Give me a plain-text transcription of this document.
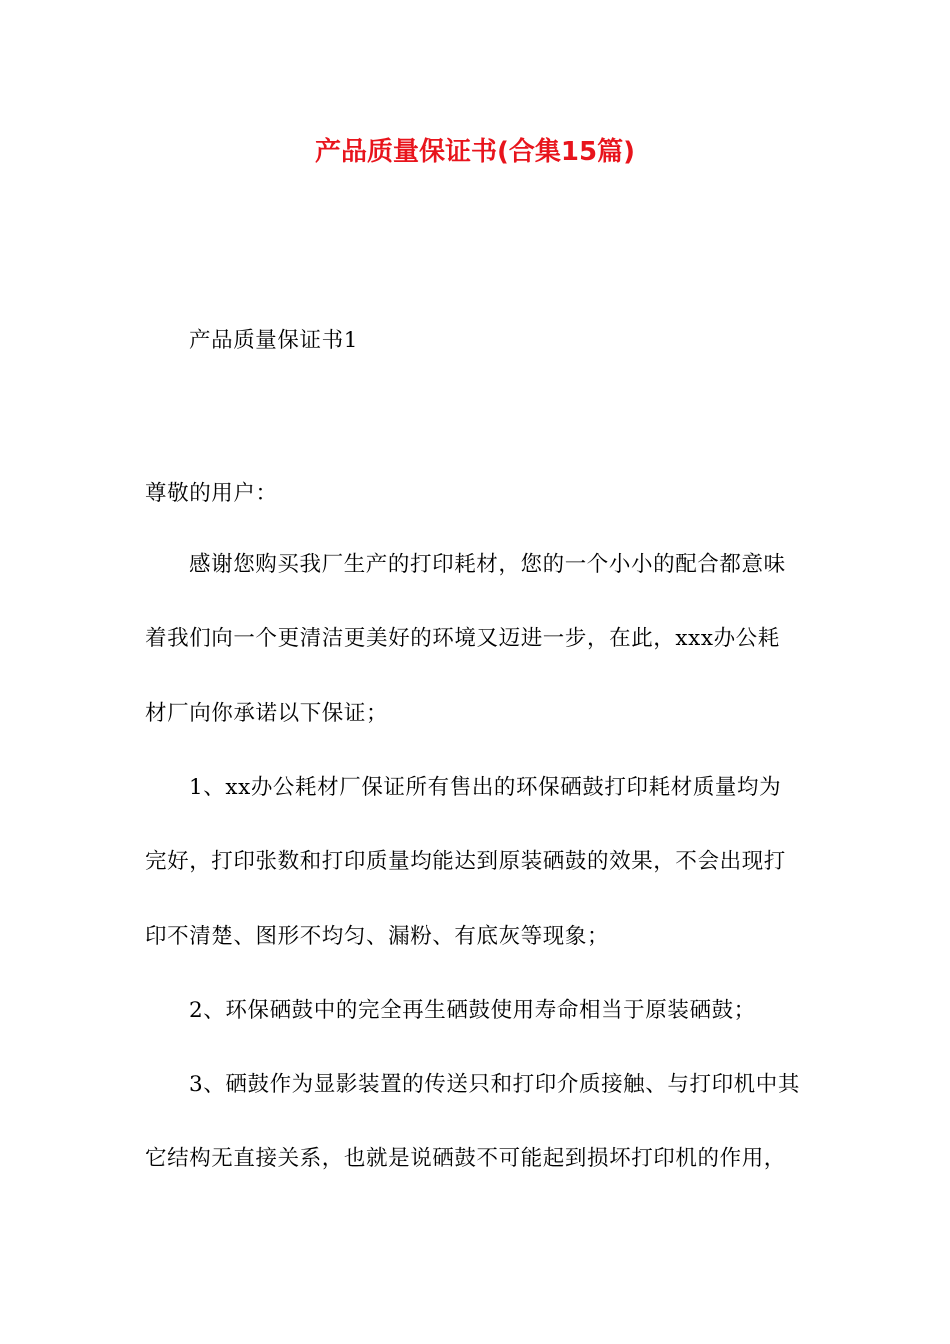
产品质量保证书(合集15篇)
产品质量保证书1
尊敬的用户：
感谢您购买我厂生产的打印耗材，您的一个小小的配合都意味
着我们向一个更清洁更美好的环境又迈进一步，在此，xxx办公耗
材厂向你承诺以下保证；
1、xx办公耗材厂保证所有售出的环保硒鼓打印耗材质量均为
完好，打印张数和打印质量均能达到原装硒鼓的效果，不会出现打
印不清楚、图形不均匀、漏粉、有底灰等现象；
2、环保硒鼓中的完全再生硒鼓使用寿命相当于原装硒鼓；
3、硒鼓作为显影装置的传送只和打印介质接触、与打印机中其
它结构无直接关系，也就是说硒鼓不可能起到损坏打印机的作用，
